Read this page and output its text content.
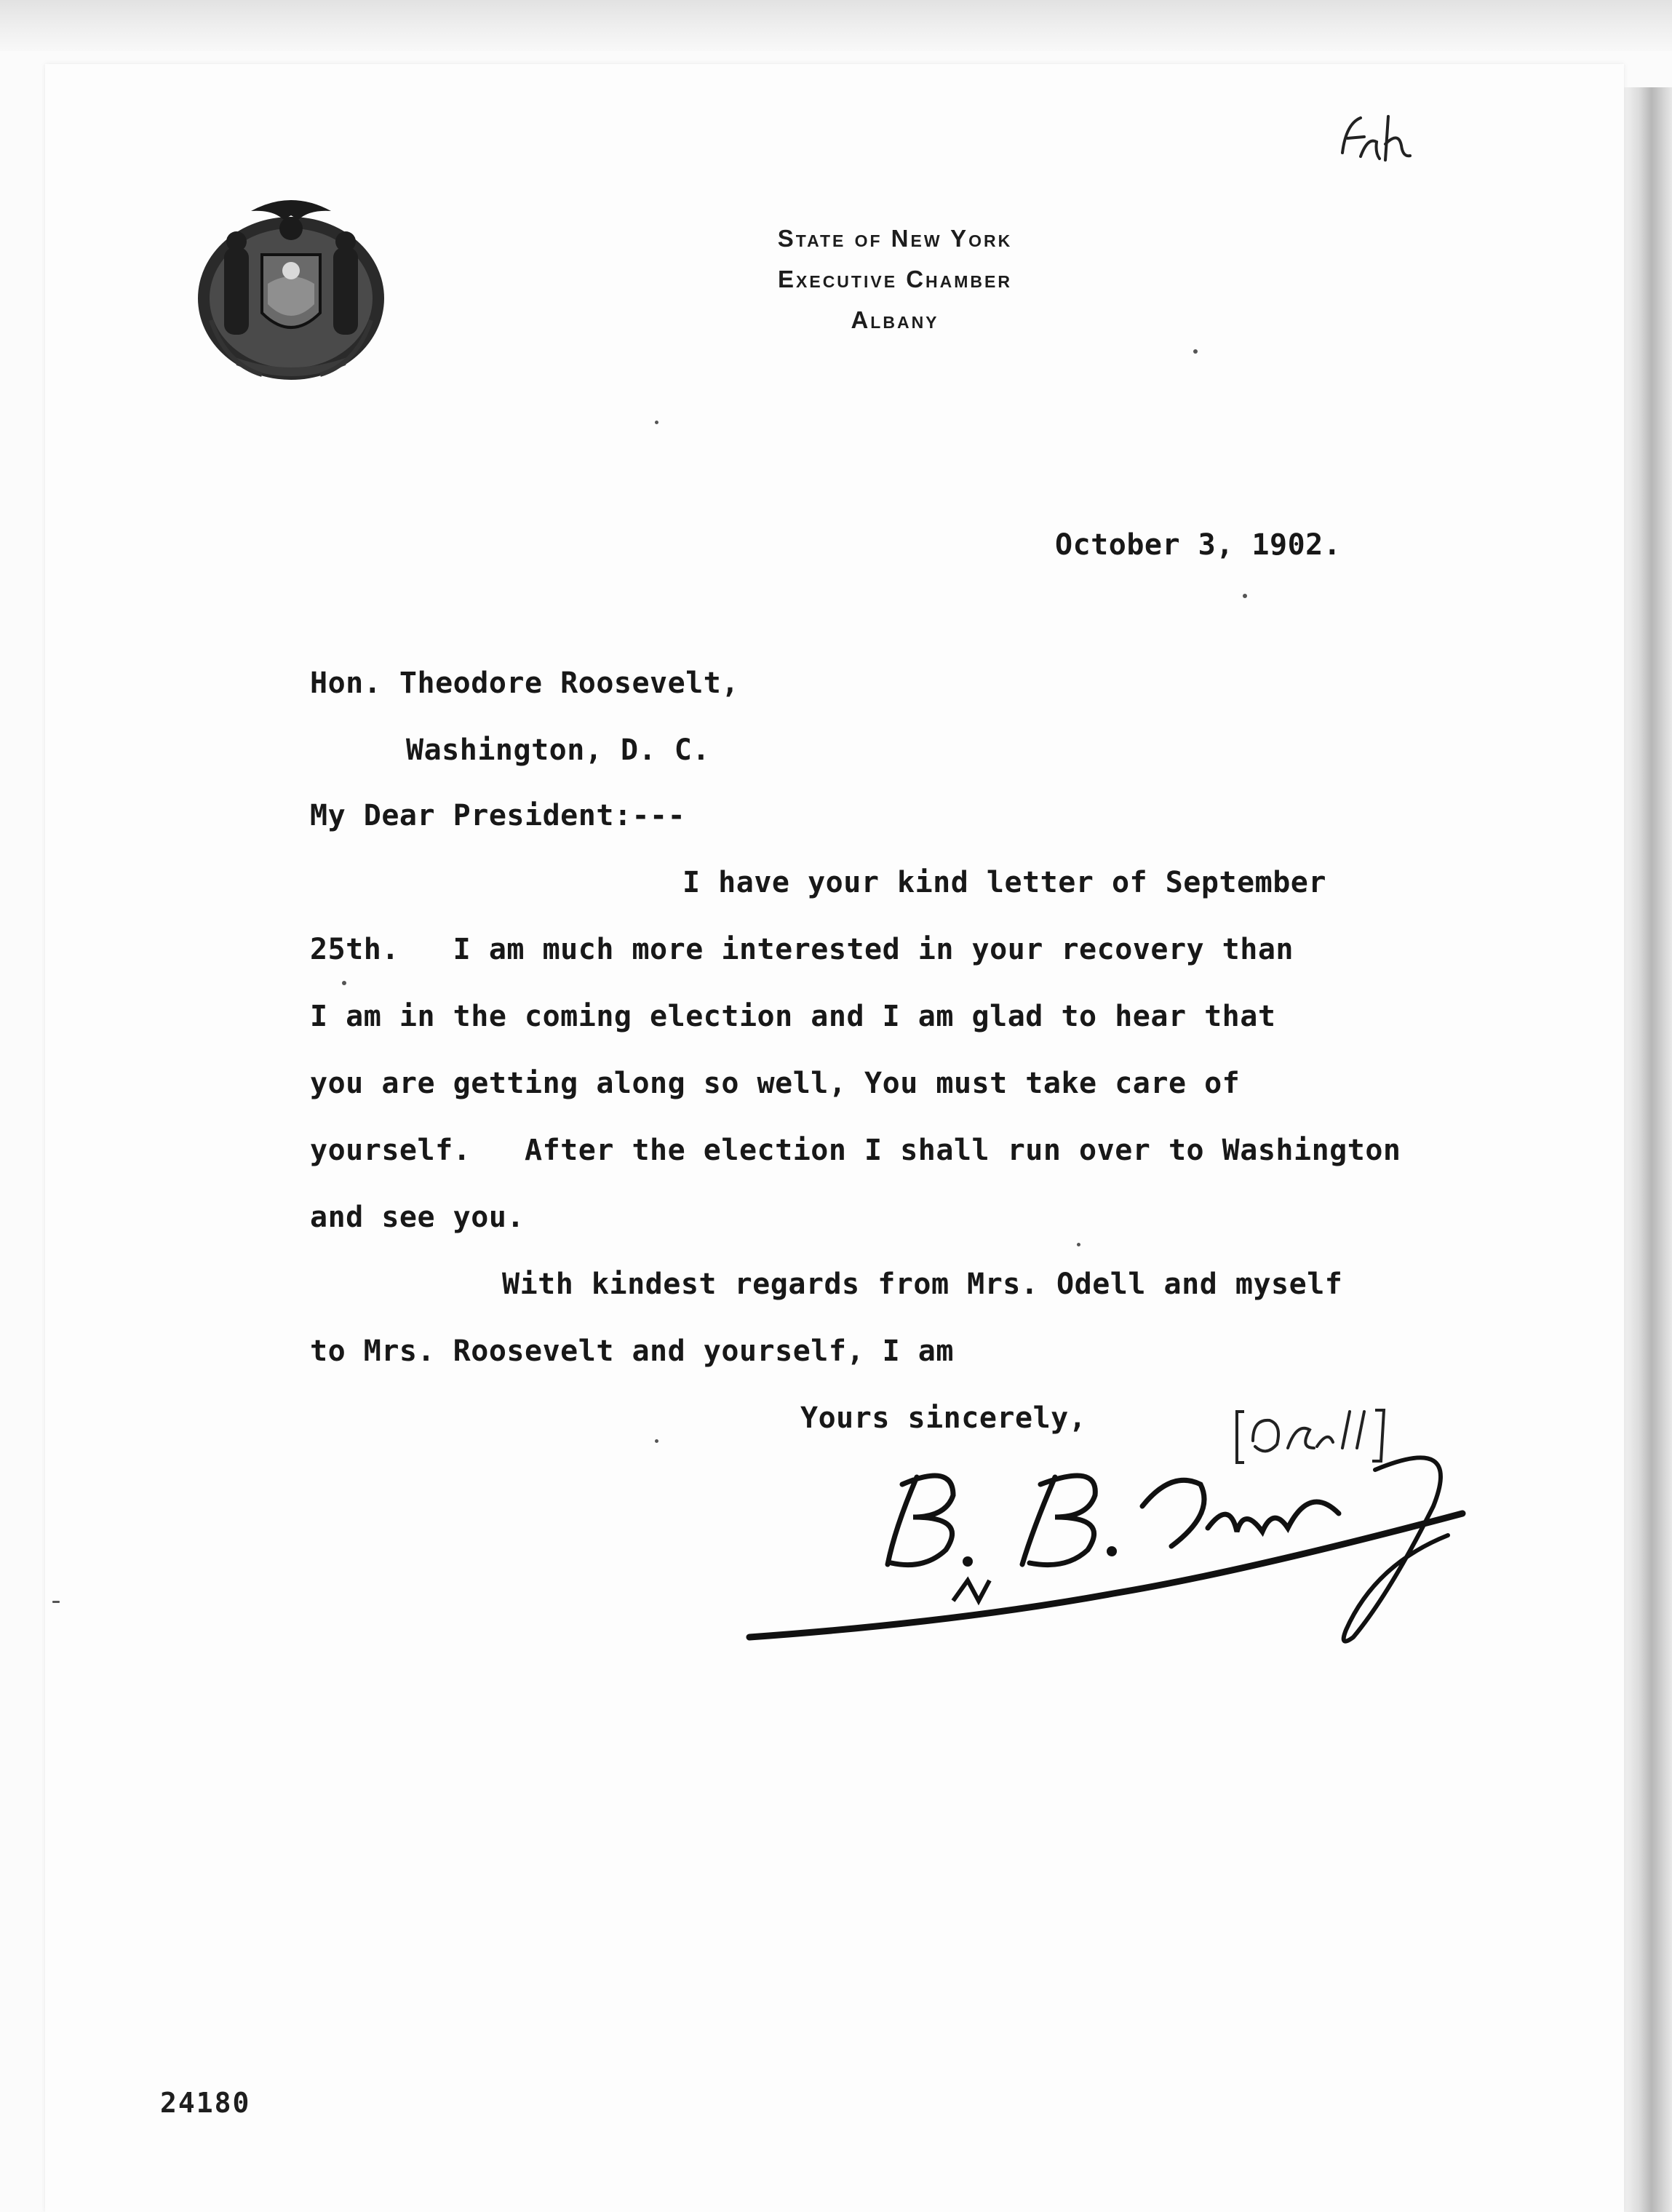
State of New York
Executive Chamber
Albany
October 3, 1902.
Hon. Theodore Roosevelt,
Washington, D. C.
My Dear President:---
I have your kind letter of September
25th.   I am much more interested in your recovery than
I am in the coming election and I am glad to hear that
you are getting along so well, You must take care of
yourself.   After the election I shall run over to Washington
and see you.
With kindest regards from Mrs. Odell and myself
to Mrs. Roosevelt and yourself, I am
Yours sincerely,
24180
